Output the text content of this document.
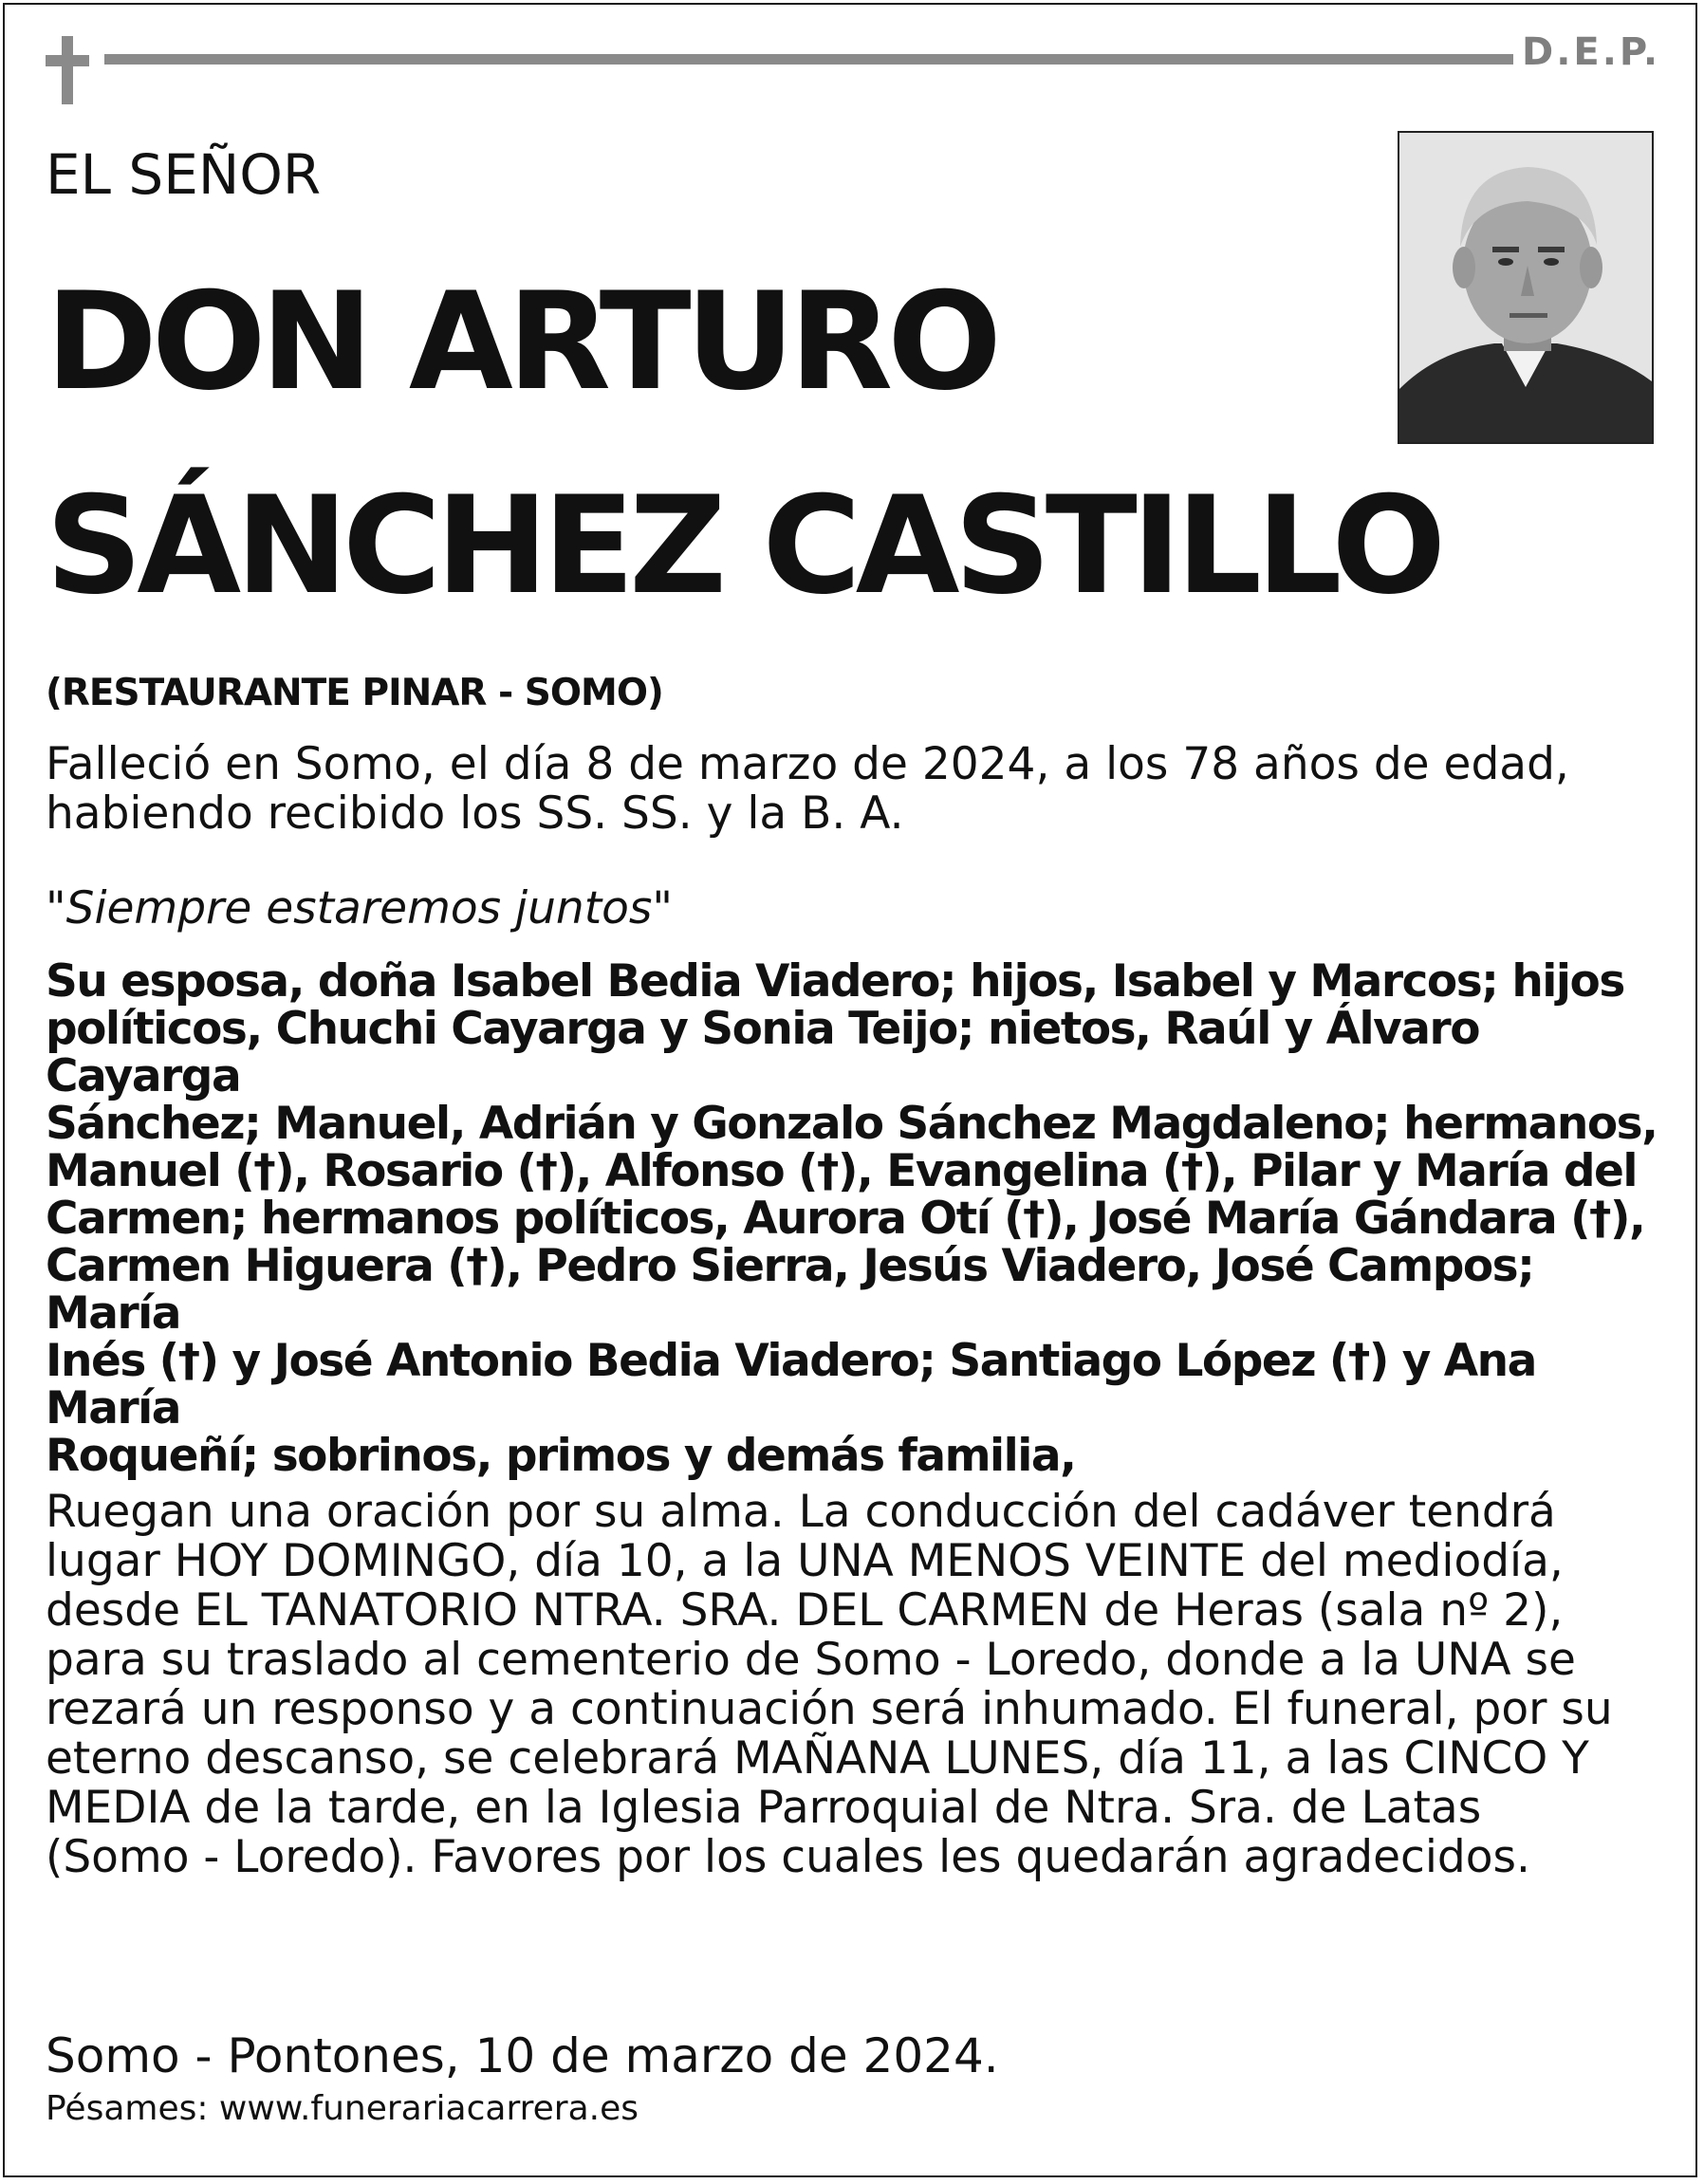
D.E.P.
EL SEÑOR
DON ARTURO
SÁNCHEZ CASTILLO
(RESTAURANTE PINAR - SOMO)
Falleció en Somo, el día 8 de marzo de 2024, a los 78 años de edad,
habiendo recibido los SS. SS. y la B. A.
"Siempre estaremos juntos"
Su esposa, doña Isabel Bedia Viadero; hijos, Isabel y Marcos; hijos
políticos, Chuchi Cayarga y Sonia Teijo; nietos, Raúl y Álvaro Cayarga
Sánchez; Manuel, Adrián y Gonzalo Sánchez Magdaleno; hermanos,
Manuel (†), Rosario (†), Alfonso (†), Evangelina (†), Pilar y María del
Carmen; hermanos políticos, Aurora Otí (†), José María Gándara (†),
Carmen Higuera (†), Pedro Sierra, Jesús Viadero, José Campos; María
Inés (†) y José Antonio Bedia Viadero; Santiago López (†) y Ana María
Roqueñí; sobrinos, primos y demás familia,
Ruegan una oración por su alma. La conducción del cadáver tendrá
lugar HOY DOMINGO, día 10, a la UNA MENOS VEINTE del mediodía,
desde EL TANATORIO NTRA. SRA. DEL CARMEN de Heras (sala nº 2),
para su traslado al cementerio de Somo - Loredo, donde a la UNA se
rezará un responso y a continuación será inhumado. El funeral, por su
eterno descanso, se celebrará MAÑANA LUNES, día 11, a las CINCO Y
MEDIA de la tarde, en la Iglesia Parroquial de Ntra. Sra. de Latas
(Somo - Loredo). Favores por los cuales les quedarán agradecidos.
Somo - Pontones, 10 de marzo de 2024.
Pésames: www.funerariacarrera.es
